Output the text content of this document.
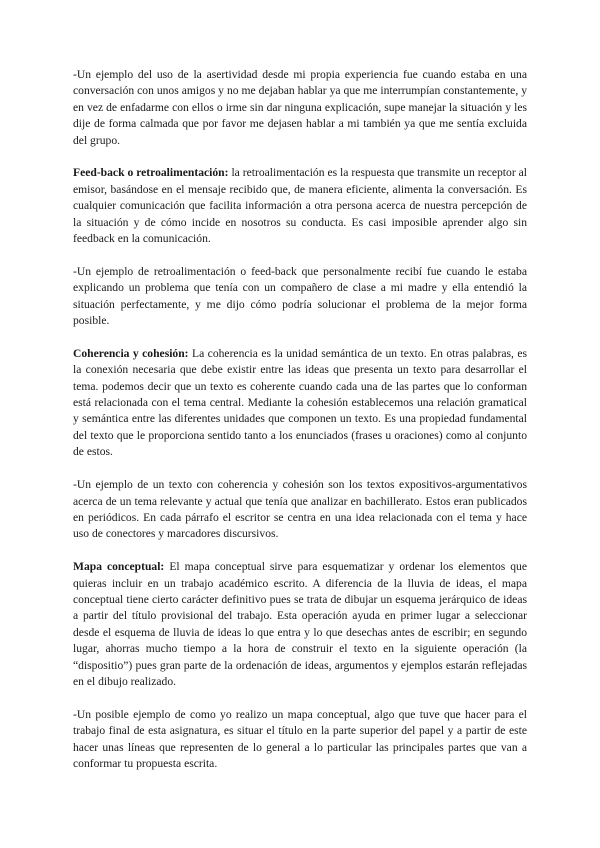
-Un ejemplo del uso de la asertividad desde mi propia experiencia fue cuando estaba en una conversación con unos amigos y no me dejaban hablar ya que me interrumpían constantemente, y en vez de enfadarme con ellos o irme sin dar ninguna explicación, supe manejar la situación y les dije de forma calmada que por favor me dejasen hablar a mi también ya que me sentía excluida del grupo.

Feed-back o retroalimentación: la retroalimentación es la respuesta que transmite un receptor al emisor, basándose en el mensaje recibido que, de manera eficiente, alimenta la conversación. Es cualquier comunicación que facilita información a otra persona acerca de nuestra percepción de la situación y de cómo incide en nosotros su conducta. Es casi imposible aprender algo sin feedback en la comunicación.

-Un ejemplo de retroalimentación o feed-back que personalmente recibí fue cuando le estaba explicando un problema que tenía con un compañero de clase a mi madre y ella entendió la situación perfectamente, y me dijo cómo podría solucionar el problema de la mejor forma posible.

Coherencia y cohesión: La coherencia es la unidad semántica de un texto. En otras palabras, es la conexión necesaria que debe existir entre las ideas que presenta un texto para desarrollar el tema. podemos decir que un texto es coherente cuando cada una de las partes que lo conforman está relacionada con el tema central. Mediante la cohesión establecemos una relación gramatical y semántica entre las diferentes unidades que componen un texto. Es una propiedad fundamental del texto que le proporciona sentido tanto a los enunciados (frases u oraciones) como al conjunto de estos.

-Un ejemplo de un texto con coherencia y cohesión son los textos expositivos-argumentativos acerca de un tema relevante y actual que tenía que analizar en bachillerato. Estos eran publicados en periódicos. En cada párrafo el escritor se centra en una idea relacionada con el tema y hace uso de conectores y marcadores discursivos.

Mapa conceptual: El mapa conceptual sirve para esquematizar y ordenar los elementos que quieras incluir en un trabajo académico escrito. A diferencia de la lluvia de ideas, el mapa conceptual tiene cierto carácter definitivo pues se trata de dibujar un esquema jerárquico de ideas a partir del título provisional del trabajo. Esta operación ayuda en primer lugar a seleccionar desde el esquema de lluvia de ideas lo que entra y lo que desechas antes de escribir; en segundo lugar, ahorras mucho tiempo a la hora de construir el texto en la siguiente operación (la “dispositio”) pues gran parte de la ordenación de ideas, argumentos y ejemplos estarán reflejadas en el dibujo realizado.

-Un posible ejemplo de como yo realizo un mapa conceptual, algo que tuve que hacer para el trabajo final de esta asignatura, es situar el título en la parte superior del papel y a partir de este hacer unas líneas que representen de lo general a lo particular las principales partes que van a conformar tu propuesta escrita.
